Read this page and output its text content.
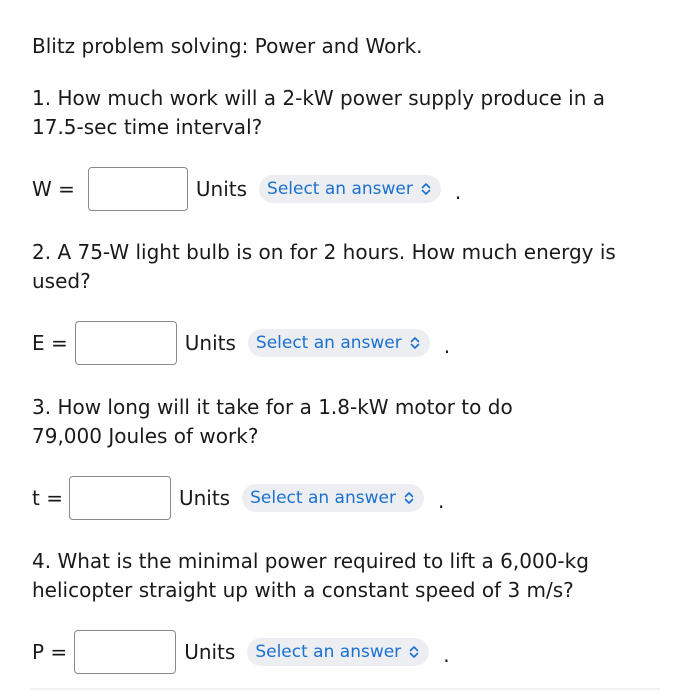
Blitz problem solving: Power and Work.
1. How much work will a 2-kW power supply produce in a 17.5-sec time interval?
W =	Units Select an answer .
2. A 75-W light bulb is on for 2 hours. How much energy is used?
E =	Units Select an answer .
3. How long will it take for a 1.8-kW motor to do 79,000 Joules of work?
t =	Units Select an answer .
4. What is the minimal power required to lift a 6,000-kg helicopter straight up with a constant speed of 3 m/s?
P =	Units Select an answer .
